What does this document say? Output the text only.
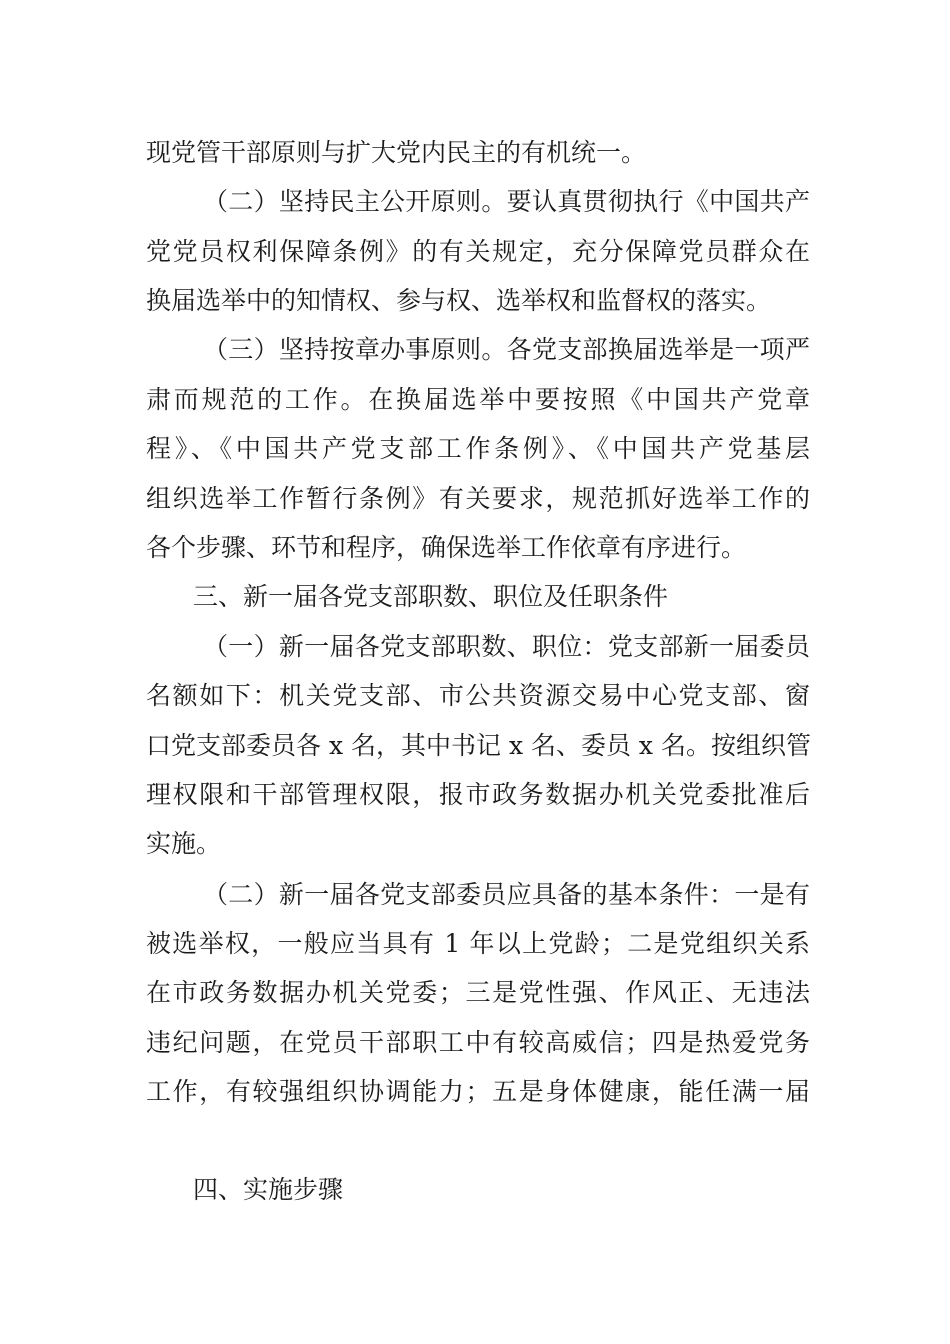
现党管干部原则与扩大党内民主的有机统一。
（二）坚持民主公开原则。要认真贯彻执行《中国共产
党党员权利保障条例》的有关规定，充分保障党员群众在
换届选举中的知情权、参与权、选举权和监督权的落实。
（三）坚持按章办事原则。各党支部换届选举是一项严
肃而规范的工作。在换届选举中要按照《中国共产党章
程》、《中国共产党支部工作条例》、《中国共产党基层
组织选举工作暂行条例》有关要求，规范抓好选举工作的
各个步骤、环节和程序，确保选举工作依章有序进行。
三、新一届各党支部职数、职位及任职条件
（一）新一届各党支部职数、职位：党支部新一届委员
名额如下：机关党支部、市公共资源交易中心党支部、窗
口党支部委员各 x 名，其中书记 x 名、委员 x 名。按组织管
理权限和干部管理权限，报市政务数据办机关党委批准后
实施。
（二）新一届各党支部委员应具备的基本条件：一是有
被选举权，一般应当具有 1 年以上党龄；二是党组织关系
在市政务数据办机关党委；三是党性强、作风正、无违法
违纪问题，在党员干部职工中有较高威信；四是热爱党务
工作，有较强组织协调能力；五是身体健康，能任满一届
四、实施步骤
